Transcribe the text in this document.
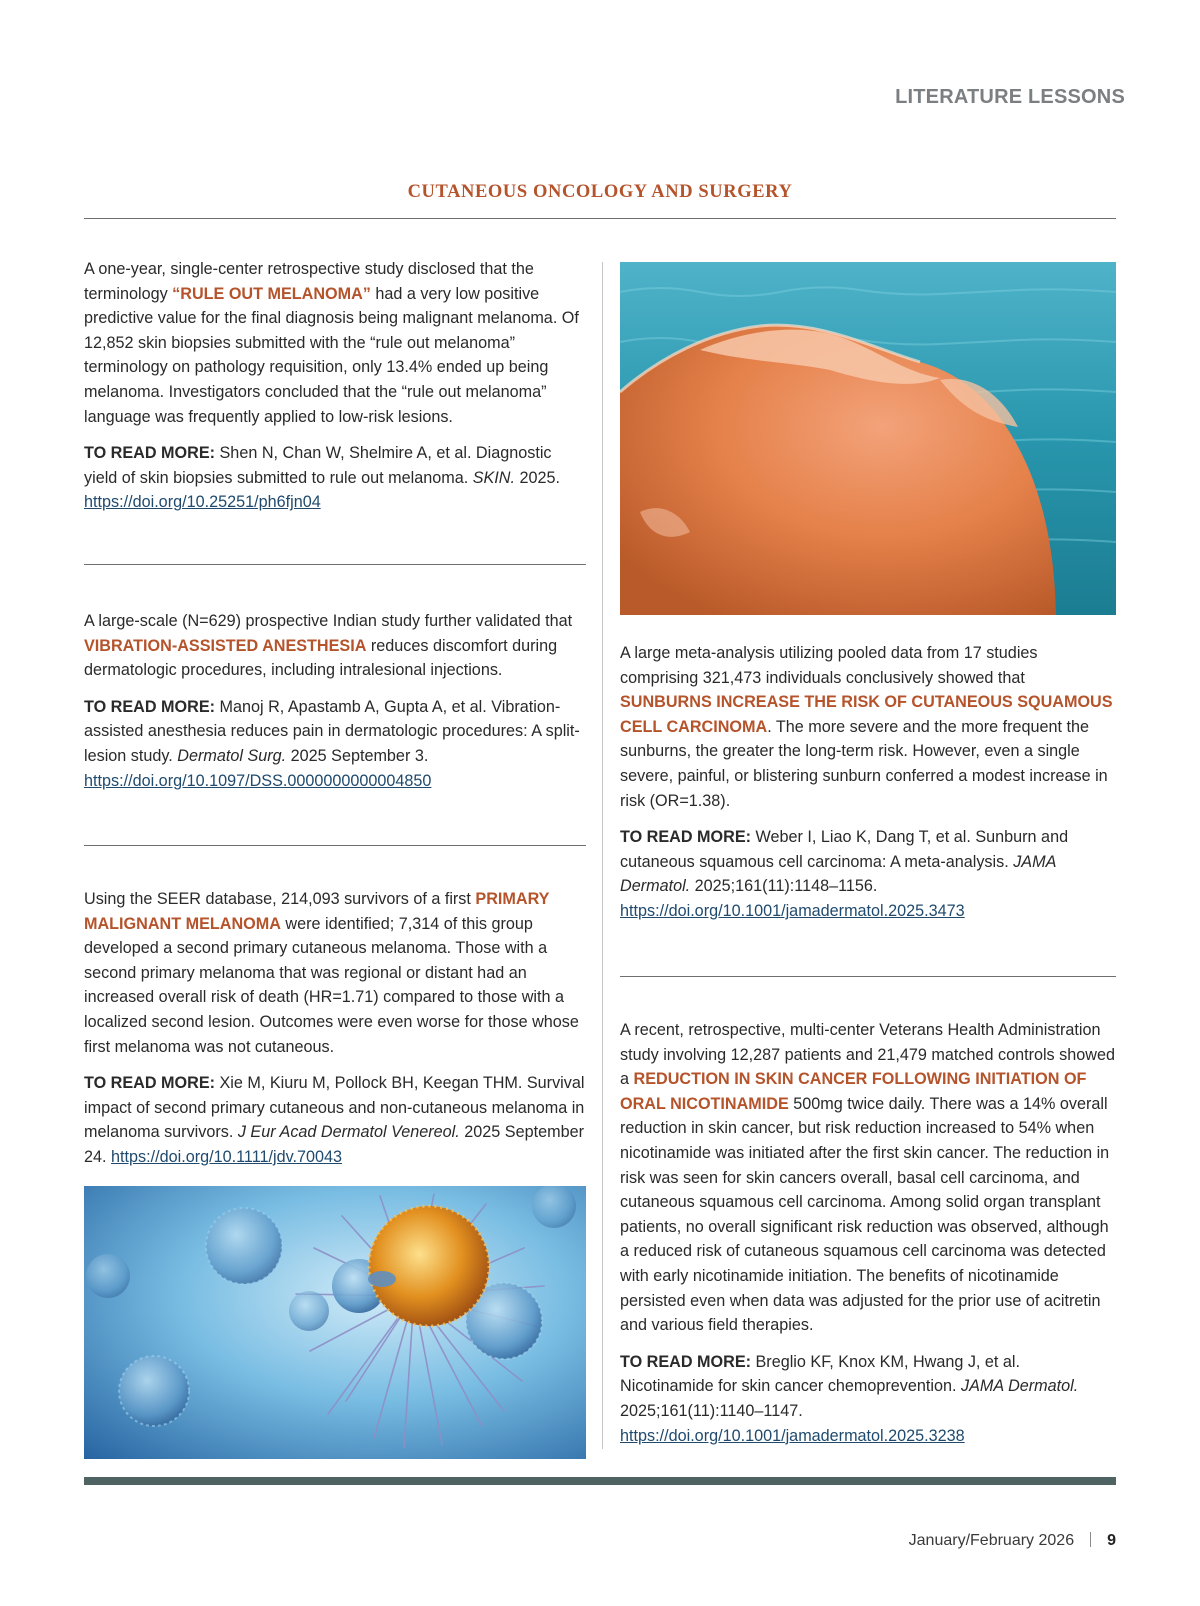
LITERATURE LESSONS
CUTANEOUS ONCOLOGY AND SURGERY

A one-year, single-center retrospective study disclosed that the terminology “RULE OUT MELANOMA” had a very low positive predictive value for the final diagnosis being malignant melanoma. Of 12,852 skin biopsies submitted with the “rule out melanoma” terminology on pathology requisition, only 13.4% ended up being melanoma. Investigators concluded that the “rule out melanoma” language was frequently applied to low-risk lesions.

TO READ MORE: Shen N, Chan W, Shelmire A, et al. Diagnostic yield of skin biopsies submitted to rule out melanoma. SKIN. 2025.
https://doi.org/10.25251/ph6fjn04

A large-scale (N=629) prospective Indian study further validated that VIBRATION-ASSISTED ANESTHESIA reduces discomfort during dermatologic procedures, including intralesional injections.

TO READ MORE: Manoj R, Apastamb A, Gupta A, et al. Vibration-assisted anesthesia reduces pain in dermatologic procedures: A split-lesion study. Dermatol Surg. 2025 September 3.
https://doi.org/10.1097/DSS.0000000000004850

Using the SEER database, 214,093 survivors of a first PRIMARY MALIGNANT MELANOMA were identified; 7,314 of this group developed a second primary cutaneous melanoma. Those with a second primary melanoma that was regional or distant had an increased overall risk of death (HR=1.71) compared to those with a localized second lesion. Outcomes were even worse for those whose first melanoma was not cutaneous.

TO READ MORE: Xie M, Kiuru M, Pollock BH, Keegan THM. Survival impact of second primary cutaneous and non-cutaneous melanoma in melanoma survivors. J Eur Acad Dermatol Venereol. 2025 September 24. https://doi.org/10.1111/jdv.70043

A large meta-analysis utilizing pooled data from 17 studies comprising 321,473 individuals conclusively showed that SUNBURNS INCREASE THE RISK OF CUTANEOUS SQUAMOUS CELL CARCINOMA. The more severe and the more frequent the sunburns, the greater the long-term risk. However, even a single severe, painful, or blistering sunburn conferred a modest increase in risk (OR=1.38).

TO READ MORE: Weber I, Liao K, Dang T, et al. Sunburn and cutaneous squamous cell carcinoma: A meta-analysis. JAMA Dermatol. 2025;161(11):1148–1156.
https://doi.org/10.1001/jamadermatol.2025.3473

A recent, retrospective, multi-center Veterans Health Administration study involving 12,287 patients and 21,479 matched controls showed a REDUCTION IN SKIN CANCER FOLLOWING INITIATION OF ORAL NICOTINAMIDE 500mg twice daily. There was a 14% overall reduction in skin cancer, but risk reduction increased to 54% when nicotinamide was initiated after the first skin cancer. The reduction in risk was seen for skin cancers overall, basal cell carcinoma, and cutaneous squamous cell carcinoma. Among solid organ transplant patients, no overall significant risk reduction was observed, although a reduced risk of cutaneous squamous cell carcinoma was detected with early nicotinamide initiation. The benefits of nicotinamide persisted even when data was adjusted for the prior use of acitretin and various field therapies.

TO READ MORE: Breglio KF, Knox KM, Hwang J, et al. Nicotinamide for skin cancer chemoprevention. JAMA Dermatol. 2025;161(11):1140–1147.
https://doi.org/10.1001/jamadermatol.2025.3238

January/February 2026 9
